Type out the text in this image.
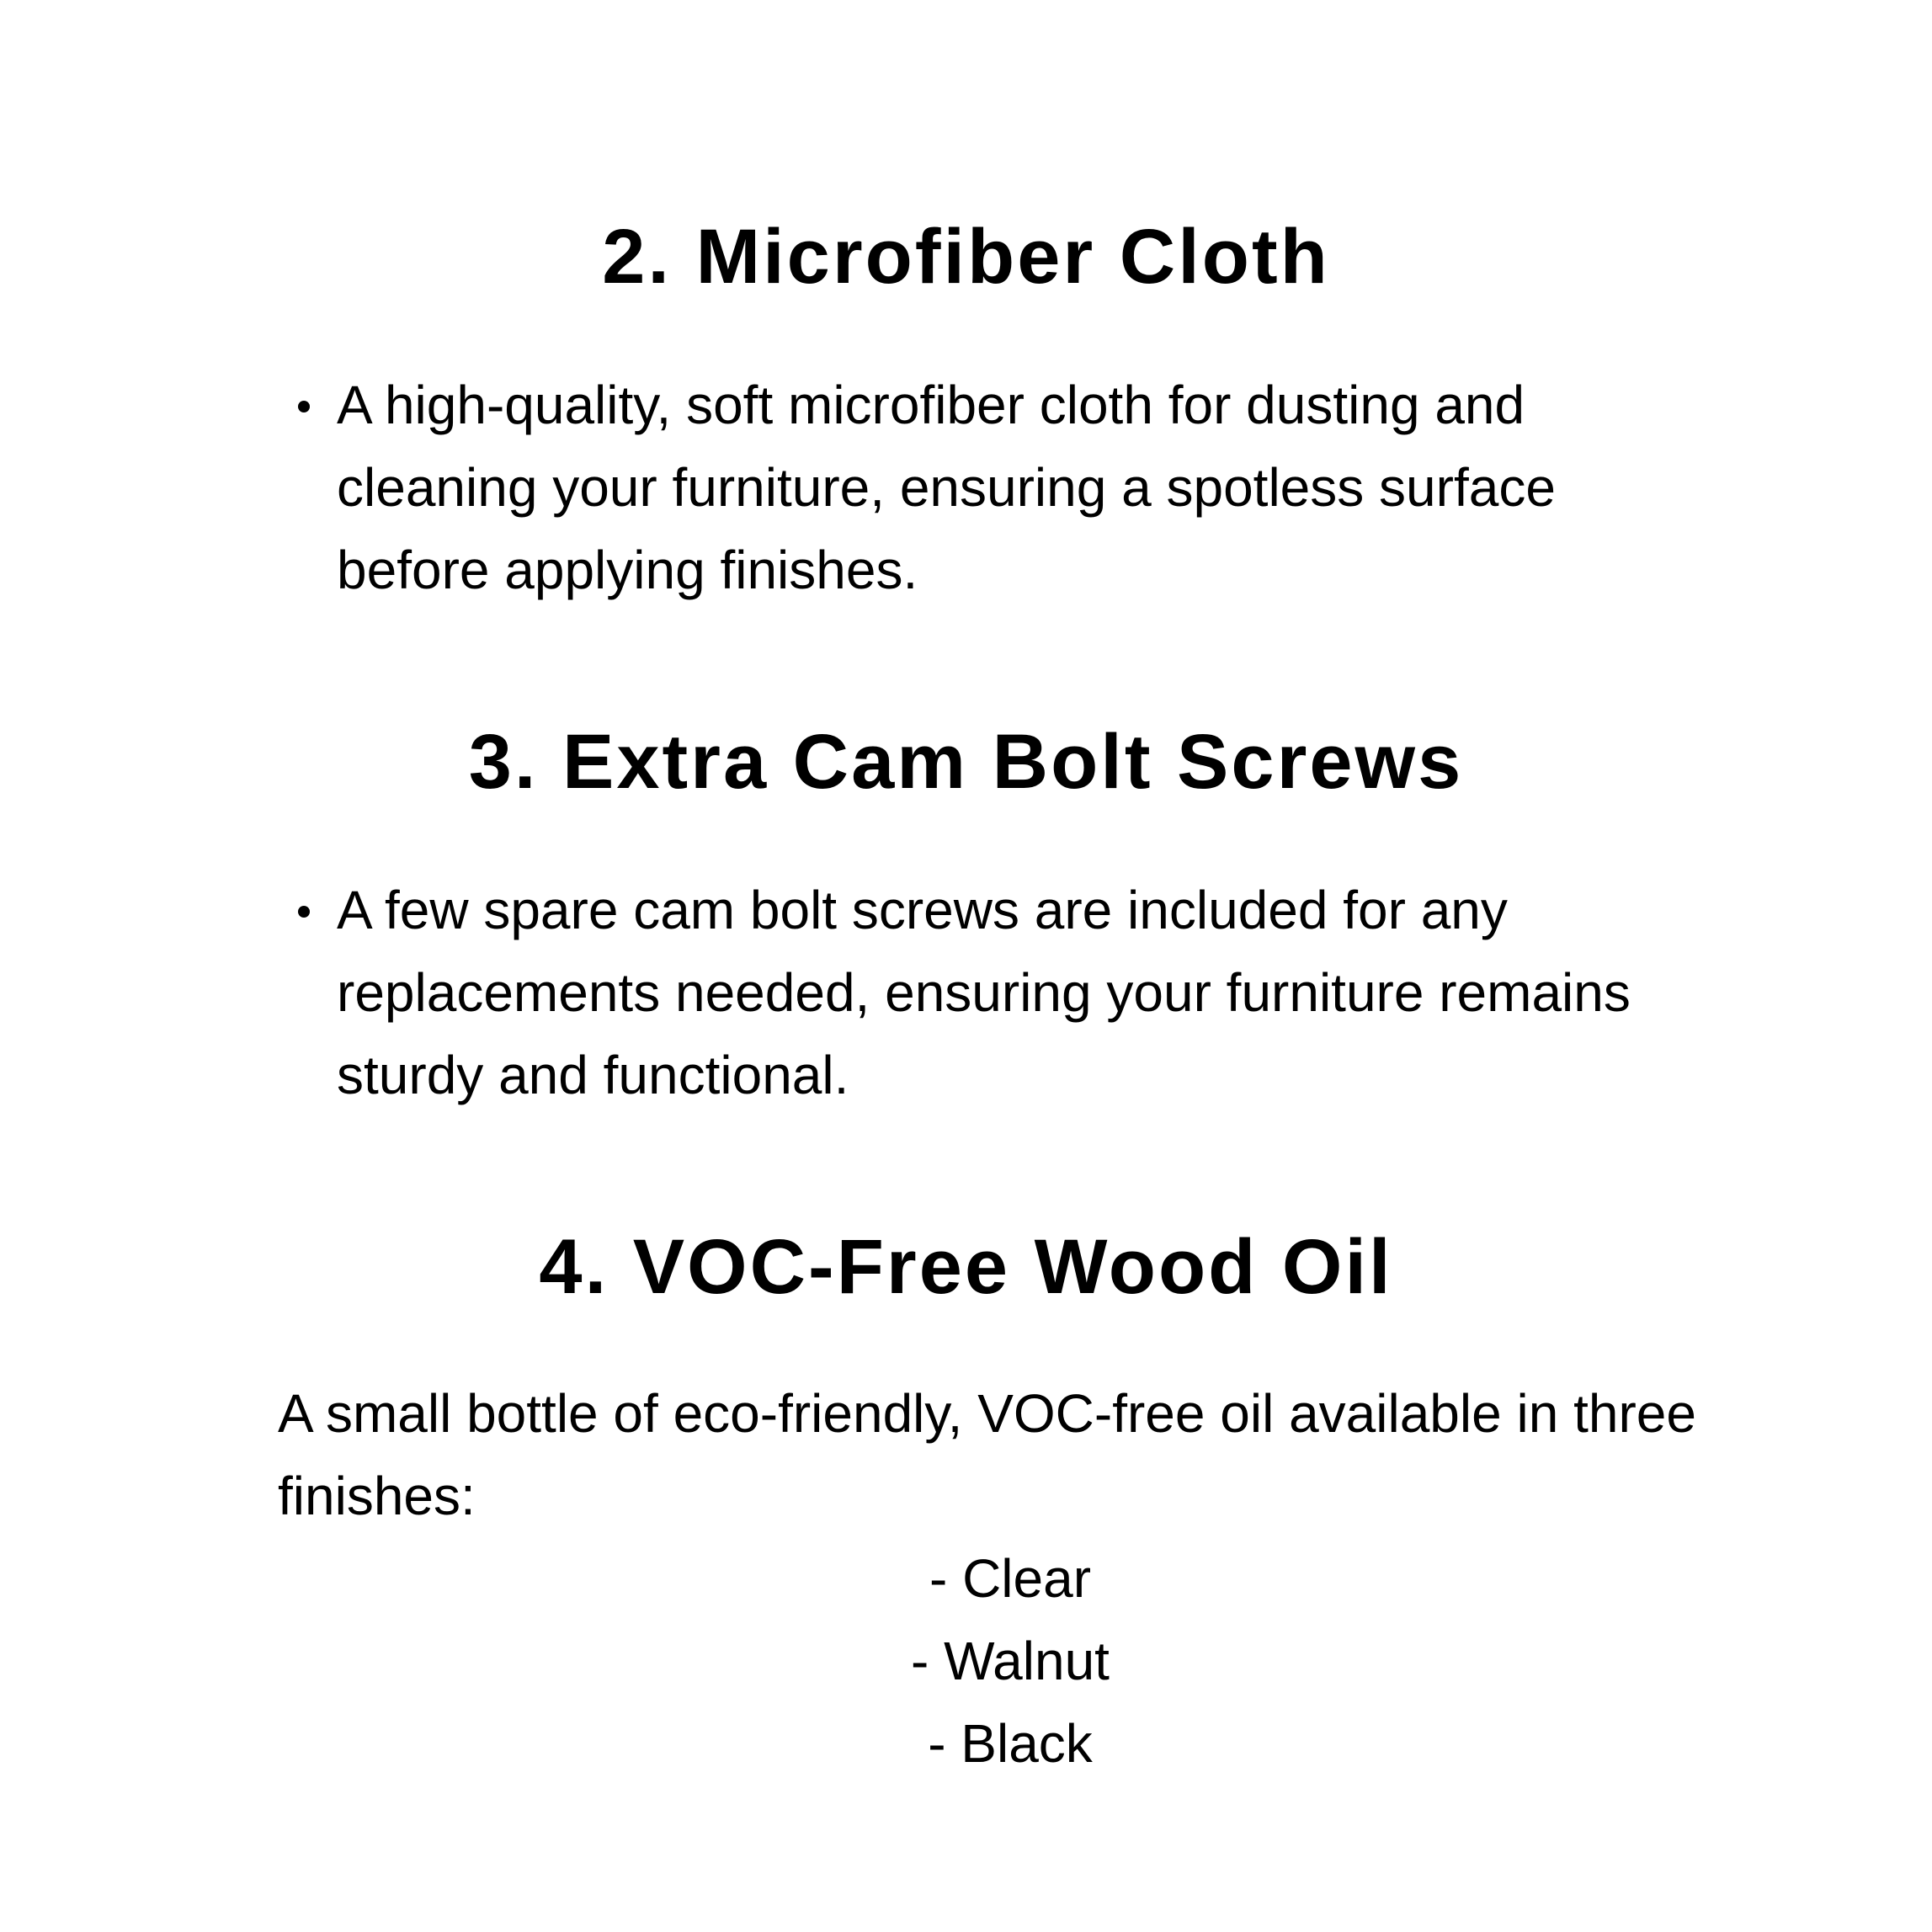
2. Microfiber Cloth

A high-quality, soft microfiber cloth for dusting and cleaning your furniture, ensuring a spotless surface before applying finishes.

3. Extra Cam Bolt Screws

A few spare cam bolt screws are included for any replacements needed, ensuring your furniture remains sturdy and functional.

4. VOC-Free Wood Oil

A small bottle of eco-friendly, VOC-free oil available in three finishes:

- Clear
- Walnut
- Black
